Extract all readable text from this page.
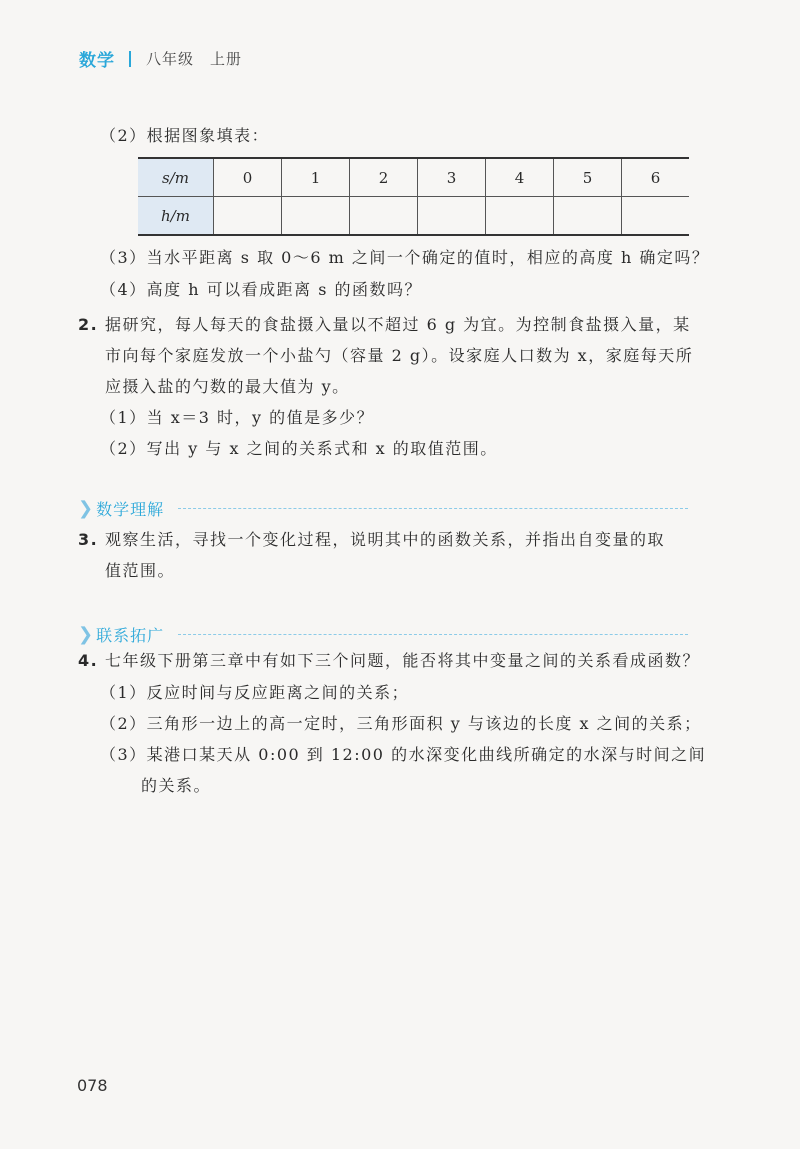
数学 八年级　上册
（2）根据图象填表：
s/m	0	1	2	3	4	5	6
h/m							
（3）当水平距离 s 取 0～6 m 之间一个确定的值时，相应的高度 h 确定吗？
（4）高度 h 可以看成距离 s 的函数吗？
2. 据研究，每人每天的食盐摄入量以不超过 6 g 为宜。为控制食盐摄入量，某
市向每个家庭发放一个小盐勺（容量 2 g）。设家庭人口数为 x，家庭每天所
应摄入盐的勺数的最大值为 y。
（1）当 x＝3 时，y 的值是多少？
（2）写出 y 与 x 之间的关系式和 x 的取值范围。
❯ 数学理解
3. 观察生活，寻找一个变化过程，说明其中的函数关系，并指出自变量的取
值范围。
❯ 联系拓广
4. 七年级下册第三章中有如下三个问题，能否将其中变量之间的关系看成函数？
（1）反应时间与反应距离之间的关系；
（2）三角形一边上的高一定时，三角形面积 y 与该边的长度 x 之间的关系；
（3）某港口某天从 0:00 到 12:00 的水深变化曲线所确定的水深与时间之间
的关系。
078
